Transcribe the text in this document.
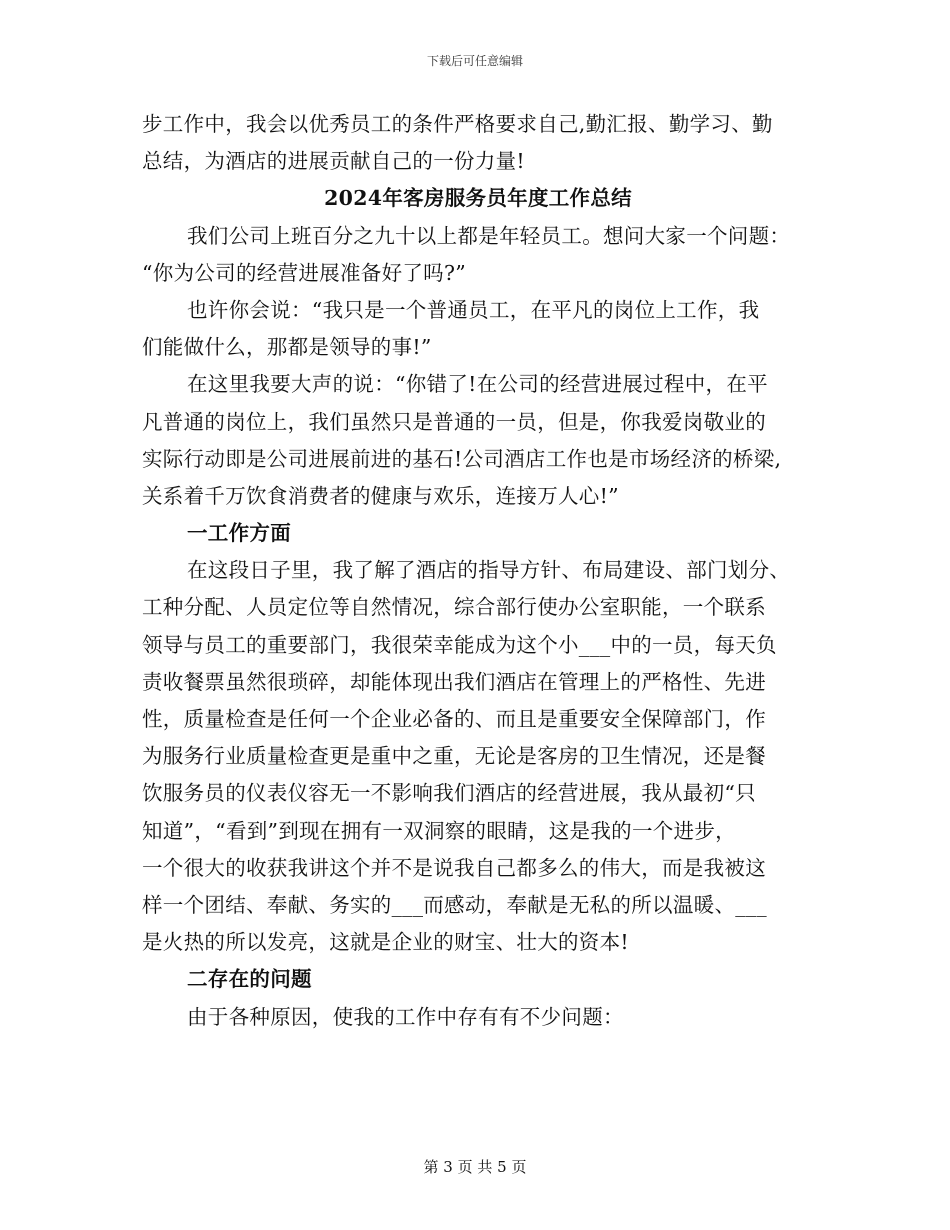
下载后可任意编辑
步工作中，我会以优秀员工的条件严格要求自己,勤汇报、勤学习、勤
总结，为酒店的进展贡献自己的一份力量!
2024年客房服务员年度工作总结
我们公司上班百分之九十以上都是年轻员工。想问大家一个问题：
“你为公司的经营进展准备好了吗?”
也许你会说：“我只是一个普通员工，在平凡的岗位上工作，我
们能做什么，那都是领导的事!”
在这里我要大声的说：“你错了!在公司的经营进展过程中，在平
凡普通的岗位上，我们虽然只是普通的一员，但是，你我爱岗敬业的
实际行动即是公司进展前进的基石!公司酒店工作也是市场经济的桥梁,
关系着千万饮食消费者的健康与欢乐，连接万人心!”
一工作方面
在这段日子里，我了解了酒店的指导方针、布局建设、部门划分、
工种分配、人员定位等自然情况，综合部行使办公室职能，一个联系
领导与员工的重要部门，我很荣幸能成为这个小___中的一员，每天负
责收餐票虽然很琐碎，却能体现出我们酒店在管理上的严格性、先进
性，质量检查是任何一个企业必备的、而且是重要安全保障部门，作
为服务行业质量检查更是重中之重，无论是客房的卫生情况，还是餐
饮服务员的仪表仪容无一不影响我们酒店的经营进展，我从最初“只
知道”，“看到”到现在拥有一双洞察的眼睛，这是我的一个进步，
一个很大的收获我讲这个并不是说我自己都多么的伟大，而是我被这
样一个团结、奉献、务实的___而感动，奉献是无私的所以温暖、___
是火热的所以发亮，这就是企业的财宝、壮大的资本!
二存在的问题
由于各种原因，使我的工作中存有有不少问题：
第 3 页 共 5 页
